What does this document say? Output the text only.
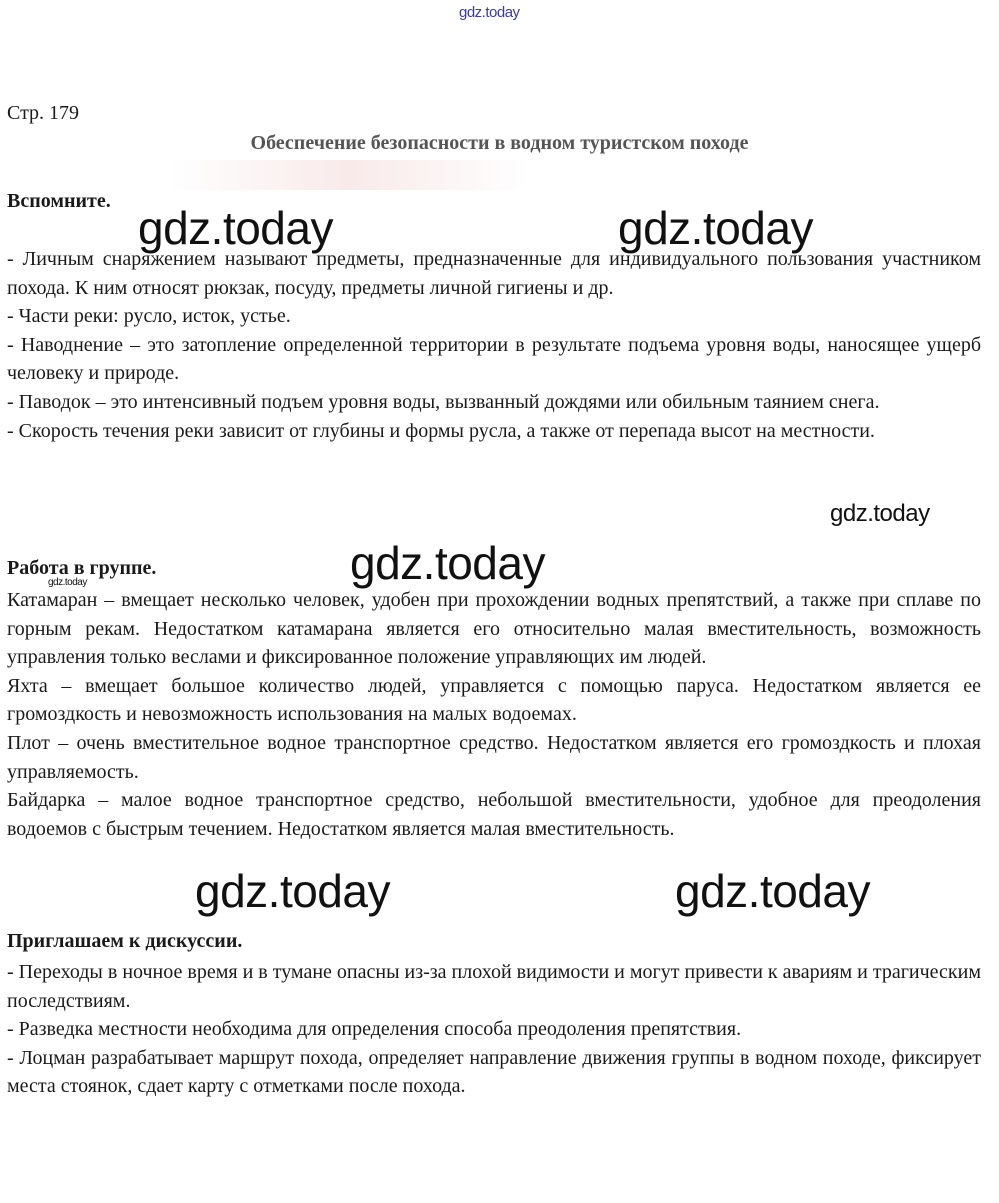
gdz.today
Стр. 179
Обеспечение безопасности в водном туристском походе
Вспомните.

- Личным снаряжением называют предметы, предназначенные для индивидуального пользования участником похода. К ним относят рюкзак, посуду, предметы личной гигиены и др.

- Части реки: русло, исток, устье.

- Наводнение – это затопление определенной территории в результате подъема уровня воды, наносящее ущерб человеку и природе.

- Паводок – это интенсивный подъем уровня воды, вызванный дождями или обильным таянием снега.

- Скорость течения реки зависит от глубины и формы русла, а также от перепада высот на местности.

Работа в группе.

Катамаран – вмещает несколько человек, удобен при прохождении водных препятствий, а также при сплаве по горным рекам. Недостатком катамарана является его относительно малая вместительность, возможность управления только веслами и фиксированное положение управляющих им людей.

Яхта – вмещает большое количество людей, управляется с помощью паруса. Недостатком является ее громоздкость и невозможность использования на малых водоемах.

Плот – очень вместительное водное транспортное средство. Недостатком является его громоздкость и плохая управляемость.

Байдарка – малое водное транспортное средство, небольшой вместительности, удобное для преодоления водоемов с быстрым течением. Недостатком является малая вместительность.

Приглашаем к дискуссии.

- Переходы в ночное время и в тумане опасны из-за плохой видимости и могут привести к авариям и трагическим последствиям.

- Разведка местности необходима для определения способа преодоления препятствия.

- Лоцман разрабатывает маршрут похода, определяет направление движения группы в водном походе, фиксирует места стоянок, сдает карту с отметками после похода.

gdz.today	gdz.today
gdz.today
gdz.today
gdz.today
gdz.today	gdz.today
